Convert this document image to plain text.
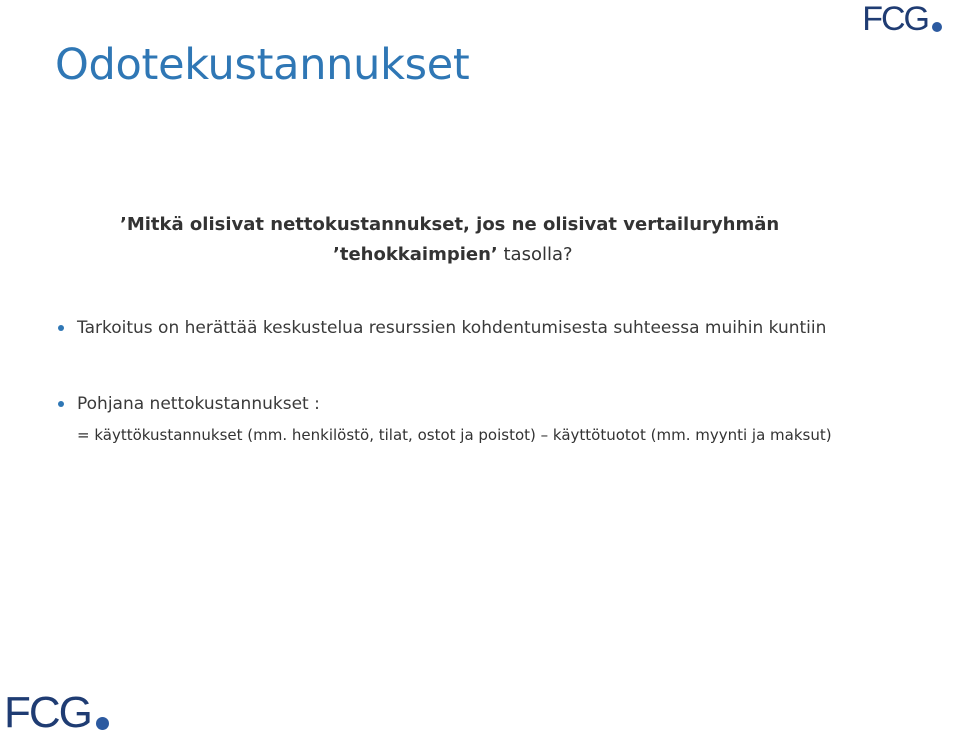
FCG
Odotekustannukset
’Mitkä olisivat nettokustannukset, jos ne olisivat vertailuryhmän
’tehokkaimpien’ tasolla?
Tarkoitus on herättää keskustelua resurssien kohdentumisesta suhteessa muihin kuntiin
Pohjana nettokustannukset :
= käyttökustannukset (mm. henkilöstö, tilat, ostot ja poistot) – käyttötuotot (mm. myynti ja maksut)
FCG
